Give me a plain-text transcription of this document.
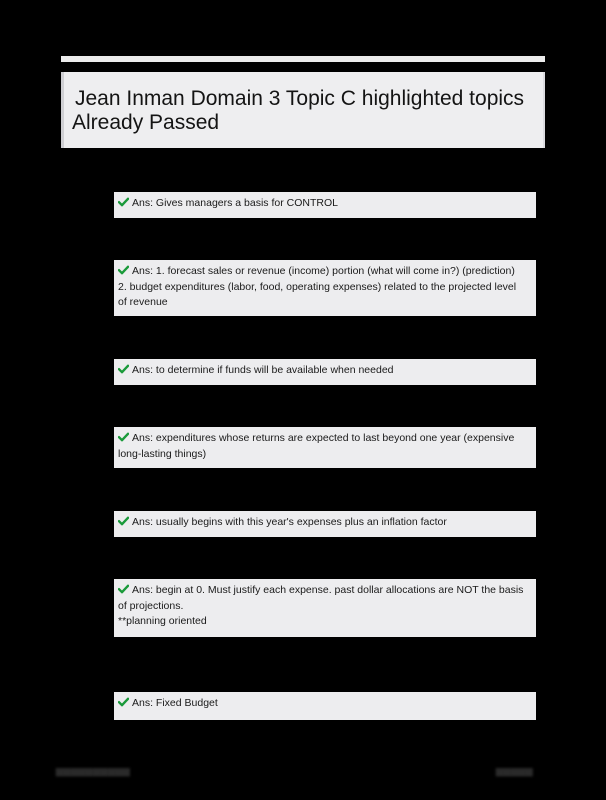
Jean Inman Domain 3 Topic C highlighted topics
Already Passed
Ans: Gives managers a basis for CONTROL
Ans: 1. forecast sales or revenue (income) portion (what will come in?) (prediction)
2. budget expenditures (labor, food, operating expenses) related to the projected level
of revenue
Ans: to determine if funds will be available when needed
Ans: expenditures whose returns are expected to last beyond one year (expensive
long-lasting things)
Ans: usually begins with this year's expenses plus an inflation factor
Ans: begin at 0. Must justify each expense. past dollar allocations are NOT the basis
of projections.
**planning oriented
Ans: Fixed Budget
▆▆▆▆▆▆▆▆▆▆	▆▆▆▆▆
